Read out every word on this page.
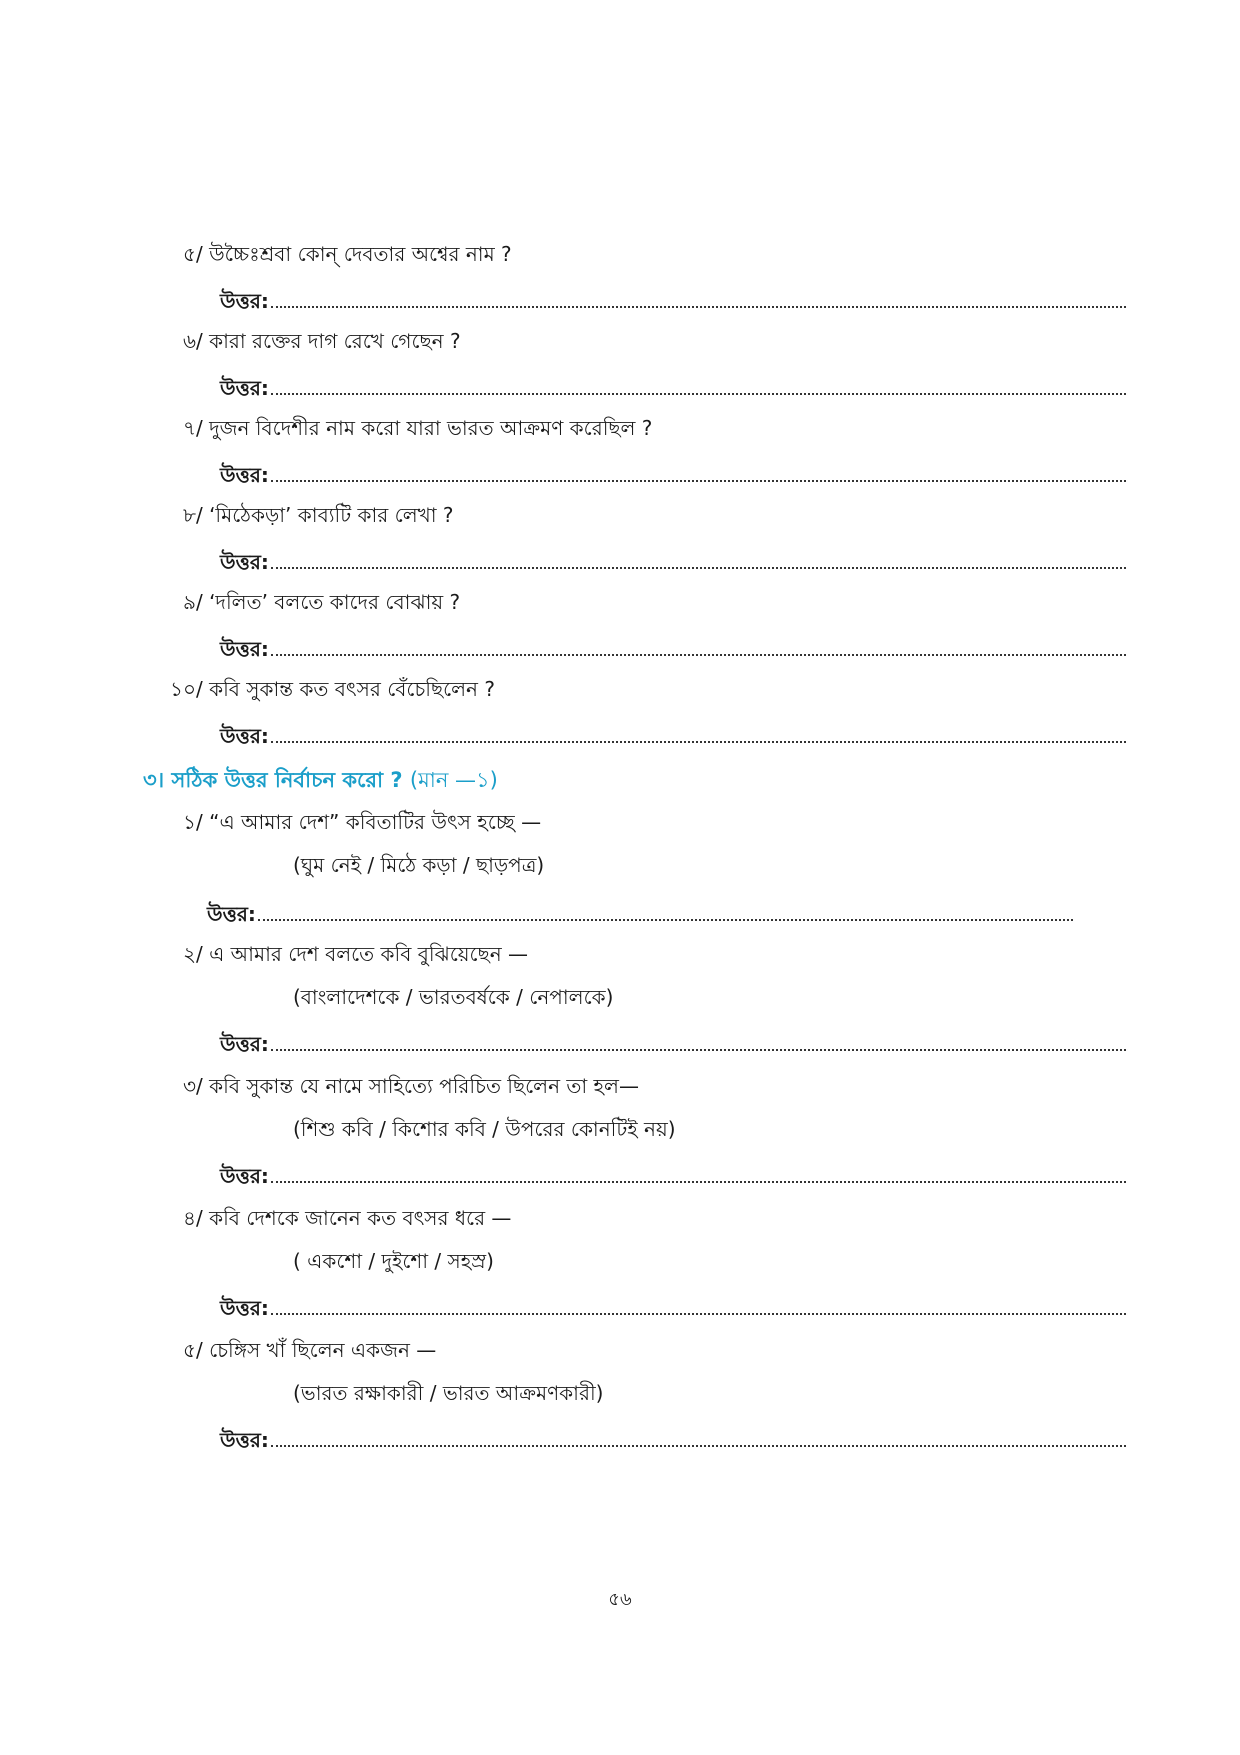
৫/ উচ্চৈঃশ্রবা কোন্ দেবতার অশ্বের নাম ?
উত্তর:
৬/ কারা রক্তের দাগ রেখে গেছেন ?
উত্তর:
৭/ দুজন বিদেশীর নাম করো যারা ভারত আক্রমণ করেছিল ?
উত্তর:
৮/ ‘মিঠেকড়া’ কাব্যটি কার লেখা ?
উত্তর:
৯/ ‘দলিত’ বলতে কাদের বোঝায় ?
উত্তর:
১০/ কবি সুকান্ত কত বৎসর বেঁচেছিলেন ?
উত্তর:
৩। সঠিক উত্তর নির্বাচন করো ? (মান —১)
১/ “এ আমার দেশ” কবিতাটির উৎস হচ্ছে —
(ঘুম নেই / মিঠে কড়া / ছাড়পত্র)
উত্তর:
২/ এ আমার দেশ বলতে কবি বুঝিয়েছেন —
(বাংলাদেশকে / ভারতবর্ষকে / নেপালকে)
উত্তর:
৩/ কবি সুকান্ত যে নামে সাহিত্যে পরিচিত ছিলেন তা হল—
(শিশু কবি / কিশোর কবি / উপরের কোনটিই নয়)
উত্তর:
৪/ কবি দেশকে জানেন কত বৎসর ধরে —
( একশো / দুইশো / সহস্র)
উত্তর:
৫/ চেঙ্গিস খাঁ ছিলেন একজন —
(ভারত রক্ষাকারী / ভারত আক্রমণকারী)
উত্তর:
৫৬
